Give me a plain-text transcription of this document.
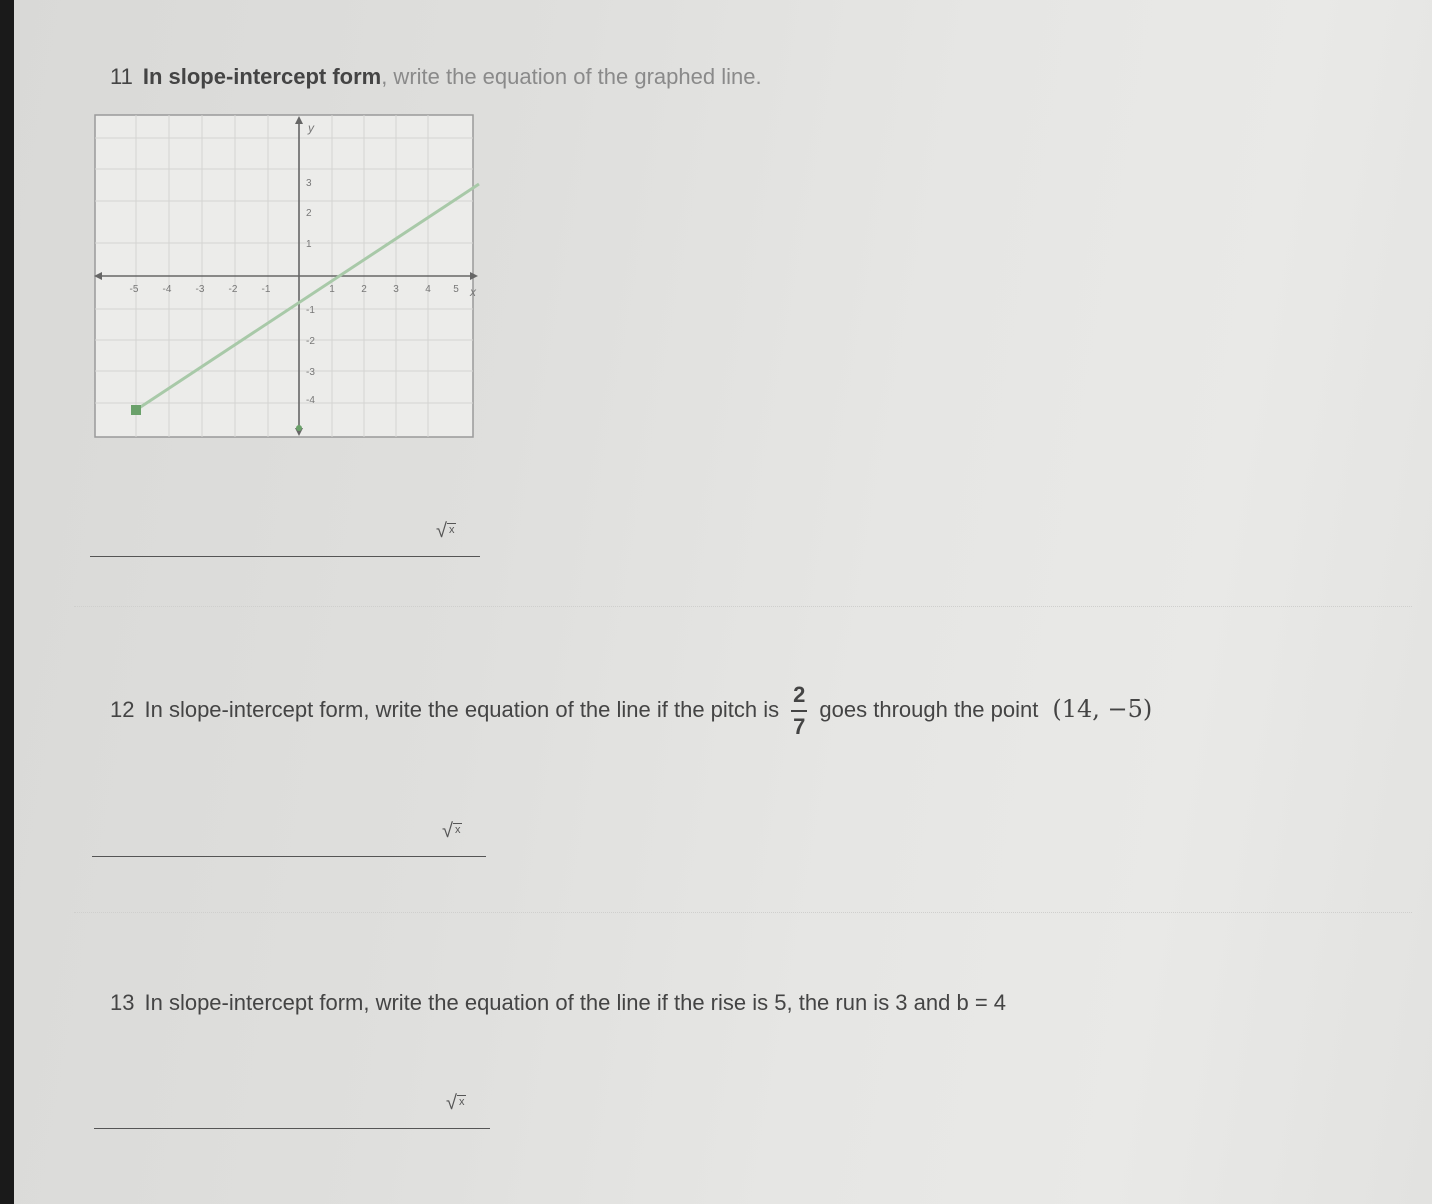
11 In slope-intercept form, write the equation of the graphed line.
-5 -4 -3 -2 -1	1	2	3	4 5 x
y
3
2
1
-1
-2
-3
-4
√ x
12 In slope-intercept form, write the equation of the line if the pitch is $\frac{2}{7}$ goes through the point (14, −5)
√ x
13 In slope-intercept form, write the equation of the line if the rise is 5, the run is 3 and b = 4
√ x
